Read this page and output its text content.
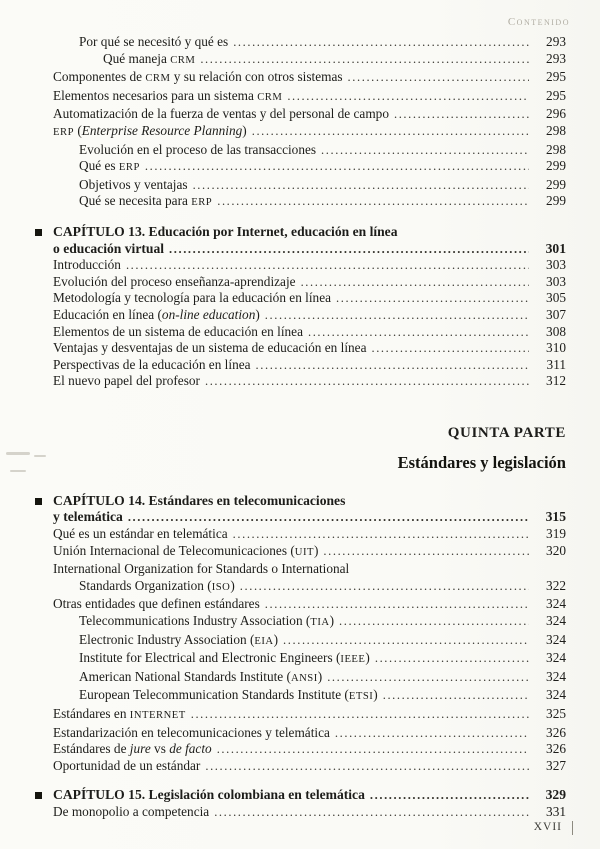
Contenido
Por qué se necesitó y qué es .....	293
Qué maneja CRM .....	293
Componentes de CRM y su relación con otros sistemas .....	295
Elementos necesarios para un sistema CRM .....	295
Automatización de la fuerza de ventas y del personal de campo .....	296
ERP (Enterprise Resource Planning) .....	298
Evolución en el proceso de las transacciones .....	298
Qué es ERP .....	299
Objetivos y ventajas .....	299
Qué se necesita para ERP .....	299
CAPÍTULO 13. Educación por Internet, educación en línea
o educación virtual .....	301
Introducción .....	303
Evolución del proceso enseñanza-aprendizaje .....	303
Metodología y tecnología para la educación en línea .....	305
Educación en línea (on-line education) .....	307
Elementos de un sistema de educación en línea .....	308
Ventajas y desventajas de un sistema de educación en línea .....	310
Perspectivas de la educación en línea .....	311
El nuevo papel del profesor .....	312
QUINTA PARTE
Estándares y legislación
CAPÍTULO 14. Estándares en telecomunicaciones
y telemática .....	315
Qué es un estándar en telemática .....	319
Unión Internacional de Telecomunicaciones (UIT) .....	320
International Organization for Standards o International
Standards Organization (ISO) .....	322
Otras entidades que definen estándares .....	324
Telecommunications Industry Association (TIA) .....	324
Electronic Industry Association (EIA) .....	324
Institute for Electrical and Electronic Engineers (IEEE) .....	324
American National Standards Institute (ANSI) .....	324
European Telecommunication Standards Institute (ETSI) .....	324
Estándares en INTERNET .....	325
Estandarización en telecomunicaciones y telemática .....	326
Estándares de jure vs de facto .....	326
Oportunidad de un estándar .....	327
CAPÍTULO 15. Legislación colombiana en telemática .....	329
De monopolio a competencia .....	331
XVII
